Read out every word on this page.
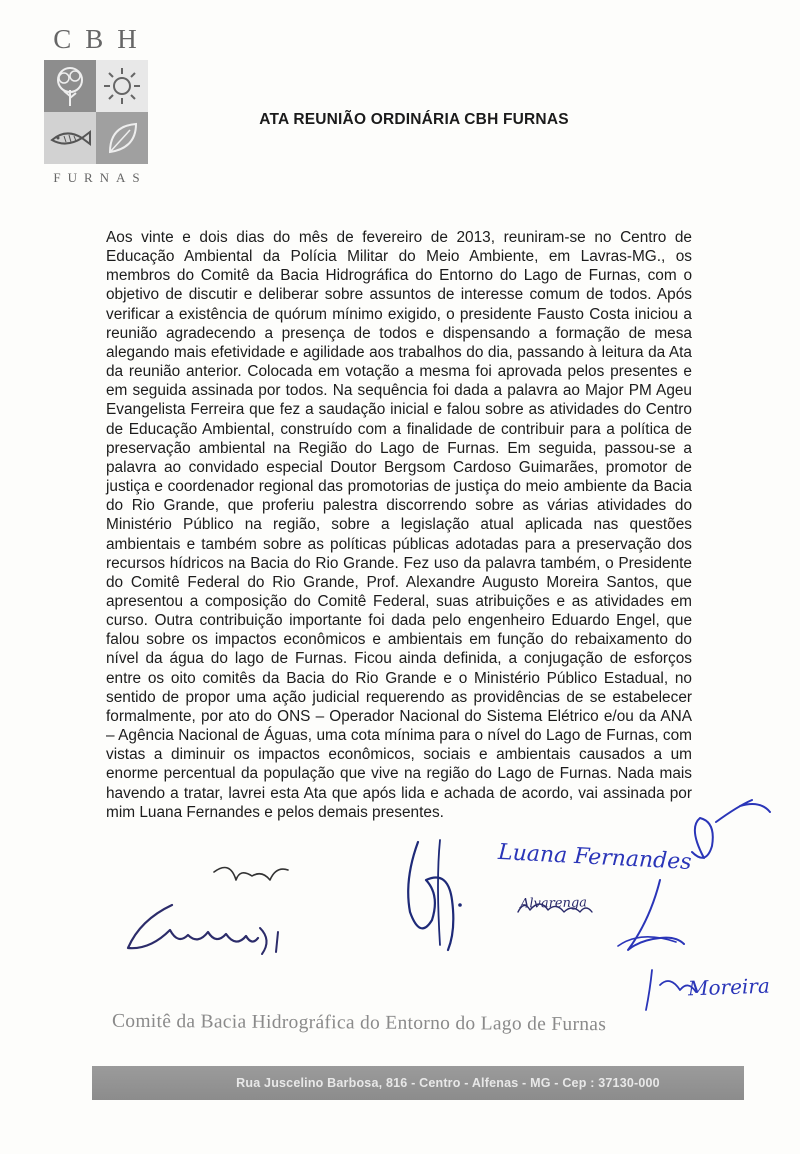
CBH
FURNAS
ATA REUNIÃO ORDINÁRIA CBH FURNAS
Aos vinte e dois dias do mês de fevereiro de 2013, reuniram-se no Centro de Educação Ambiental da Polícia Militar do Meio Ambiente, em Lavras-MG., os membros do Comitê da Bacia Hidrográfica do Entorno do Lago de Furnas, com o objetivo de discutir e deliberar sobre assuntos de interesse comum de todos. Após verificar a existência de quórum mínimo exigido, o presidente Fausto Costa iniciou a reunião agradecendo a presença de todos e dispensando a formação de mesa alegando mais efetividade e agilidade aos trabalhos do dia, passando à leitura da Ata da reunião anterior. Colocada em votação a mesma foi aprovada pelos presentes e em seguida assinada por todos. Na sequência foi dada a palavra ao Major PM Ageu Evangelista Ferreira que fez a saudação inicial e falou sobre as atividades do Centro de Educação Ambiental, construído com a finalidade de contribuir para a política de preservação ambiental na Região do Lago de Furnas. Em seguida, passou-se a palavra ao convidado especial Doutor Bergsom Cardoso Guimarães, promotor de justiça e coordenador regional das promotorias de justiça do meio ambiente da Bacia do Rio Grande, que proferiu palestra discorrendo sobre as várias atividades do Ministério Público na região, sobre a legislação atual aplicada nas questões ambientais e também sobre as políticas públicas adotadas para a preservação dos recursos hídricos na Bacia do Rio Grande. Fez uso da palavra também, o Presidente do Comitê Federal do Rio Grande, Prof. Alexandre Augusto Moreira Santos, que apresentou a composição do Comitê Federal, suas atribuições e as atividades em curso. Outra contribuição importante foi dada pelo engenheiro Eduardo Engel, que falou sobre os impactos econômicos e ambientais em função do rebaixamento do nível da água do lago de Furnas. Ficou ainda definida, a conjugação de esforços entre os oito comitês da Bacia do Rio Grande e o Ministério Público Estadual, no sentido de propor uma ação judicial requerendo as providências de se estabelecer formalmente, por ato do ONS – Operador Nacional do Sistema Elétrico e/ou da ANA – Agência Nacional de Águas, uma cota mínima para o nível do Lago de Furnas, com vistas a diminuir os impactos econômicos, sociais e ambientais causados a um enorme percentual da população que vive na região do Lago de Furnas. Nada mais havendo a tratar, lavrei esta Ata que após lida e achada de acordo, vai assinada por mim Luana Fernandes e pelos demais presentes.
Luana Fernandes
Alvarenga
Moreira
Comitê da Bacia Hidrográfica do Entorno do Lago de Furnas
Rua Juscelino Barbosa, 816 - Centro - Alfenas - MG - Cep : 37130-000
